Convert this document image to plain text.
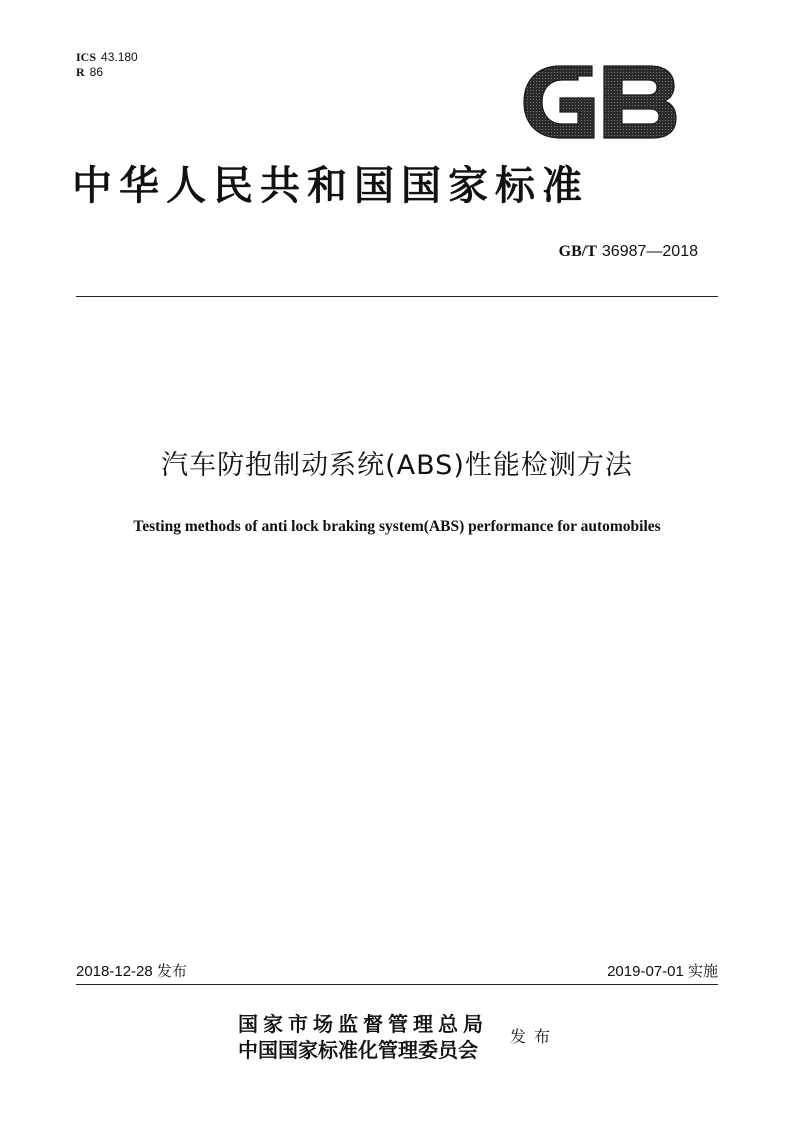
ICS 43.180
R 86
中华人民共和国国家标准
GB/T 36987—2018
汽车防抱制动系统(ABS)性能检测方法
Testing methods of anti lock braking system(ABS) performance for automobiles
2018-12-28 发布	2019-07-01 实施
国家市场监督管理总局
中国国家标准化管理委员会
发布
